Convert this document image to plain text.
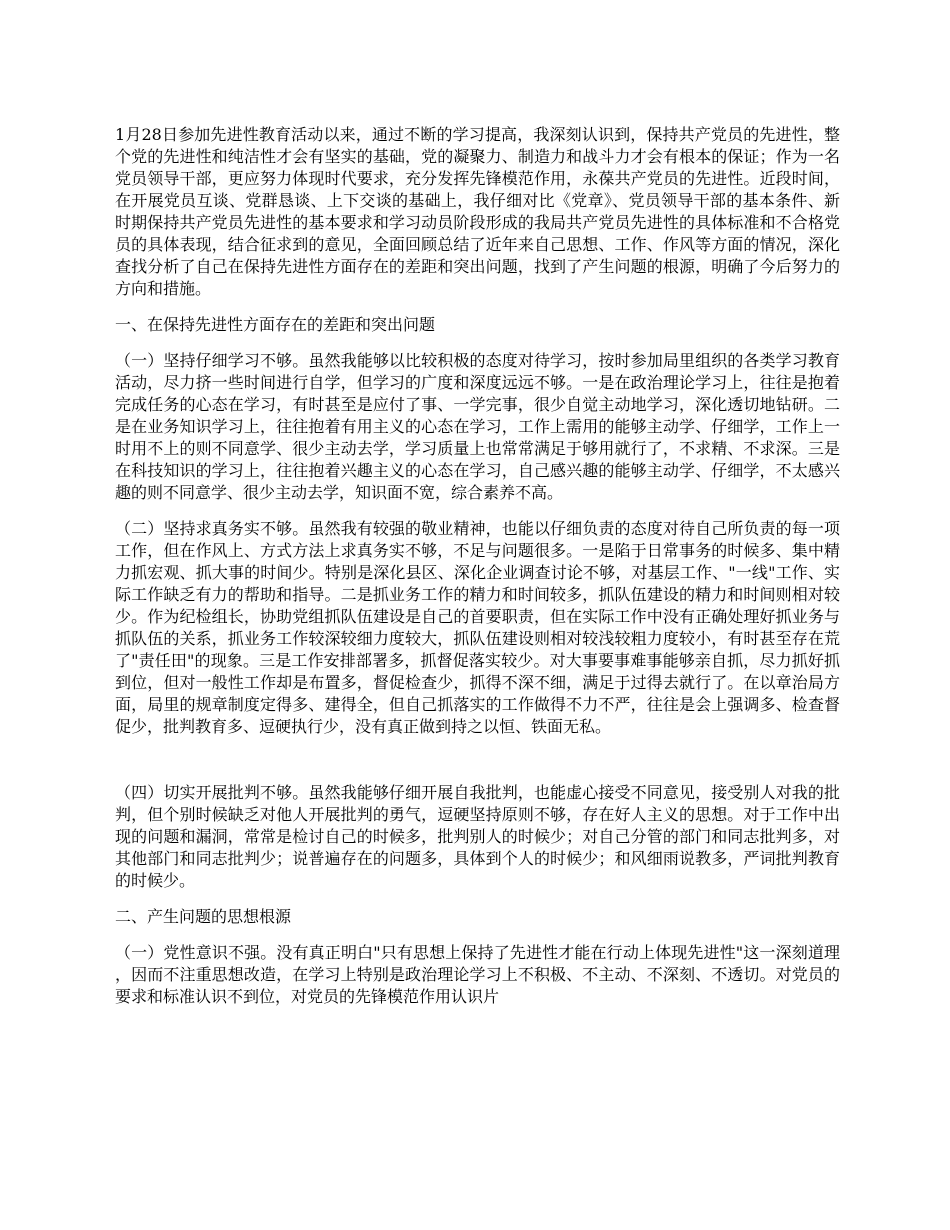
1月28日参加先进性教育活动以来，通过不断的学习提高，我深刻认识到，保持共产党员的先进性，整个党的先进性和纯洁性才会有坚实的基础，党的凝聚力、制造力和战斗力才会有根本的保证；作为一名党员领导干部，更应努力体现时代要求，充分发挥先锋模范作用，永葆共产党员的先进性。近段时间，在开展党员互谈、党群恳谈、上下交谈的基础上，我仔细对比《党章》、党员领导干部的基本条件、新时期保持共产党员先进性的基本要求和学习动员阶段形成的我局共产党员先进性的具体标准和不合格党员的具体表现，结合征求到的意见，全面回顾总结了近年来自己思想、工作、作风等方面的情况，深化查找分析了自己在保持先进性方面存在的差距和突出问题，找到了产生问题的根源，明确了今后努力的方向和措施。

一、在保持先进性方面存在的差距和突出问题

（一）坚持仔细学习不够。虽然我能够以比较积极的态度对待学习，按时参加局里组织的各类学习教育活动，尽力挤一些时间进行自学，但学习的广度和深度远远不够。一是在政治理论学习上，往往是抱着完成任务的心态在学习，有时甚至是应付了事、一学完事，很少自觉主动地学习，深化透切地钻研。二是在业务知识学习上，往往抱着有用主义的心态在学习，工作上需用的能够主动学、仔细学，工作上一时用不上的则不同意学、很少主动去学，学习质量上也常常满足于够用就行了，不求精、不求深。三是在科技知识的学习上，往往抱着兴趣主义的心态在学习，自己感兴趣的能够主动学、仔细学，不太感兴趣的则不同意学、很少主动去学，知识面不宽，综合素养不高。

（二）坚持求真务实不够。虽然我有较强的敬业精神，也能以仔细负责的态度对待自己所负责的每一项工作，但在作风上、方式方法上求真务实不够，不足与问题很多。一是陷于日常事务的时候多、集中精力抓宏观、抓大事的时间少。特别是深化县区、深化企业调查讨论不够，对基层工作、"一线"工作、实际工作缺乏有力的帮助和指导。二是抓业务工作的精力和时间较多，抓队伍建设的精力和时间则相对较少。作为纪检组长，协助党组抓队伍建设是自己的首要职责，但在实际工作中没有正确处理好抓业务与抓队伍的关系，抓业务工作较深较细力度较大，抓队伍建设则相对较浅较粗力度较小，有时甚至存在荒了"责任田"的现象。三是工作安排部署多，抓督促落实较少。对大事要事难事能够亲自抓，尽力抓好抓到位，但对一般性工作却是布置多，督促检查少，抓得不深不细，满足于过得去就行了。在以章治局方面，局里的规章制度定得多、建得全，但自己抓落实的工作做得不力不严，往往是会上强调多、检查督促少，批判教育多、逗硬执行少，没有真正做到持之以恒、铁面无私。

（四）切实开展批判不够。虽然我能够仔细开展自我批判，也能虚心接受不同意见，接受别人对我的批判，但个别时候缺乏对他人开展批判的勇气，逗硬坚持原则不够，存在好人主义的思想。对于工作中出现的问题和漏洞，常常是检讨自己的时候多，批判别人的时候少；对自己分管的部门和同志批判多，对其他部门和同志批判少；说普遍存在的问题多，具体到个人的时候少；和风细雨说教多，严词批判教育的时候少。

二、产生问题的思想根源

（一）党性意识不强。没有真正明白"只有思想上保持了先进性才能在行动上体现先进性"这一深刻道理，因而不注重思想改造，在学习上特别是政治理论学习上不积极、不主动、不深刻、不透切。对党员的要求和标准认识不到位，对党员的先锋模范作用认识片
